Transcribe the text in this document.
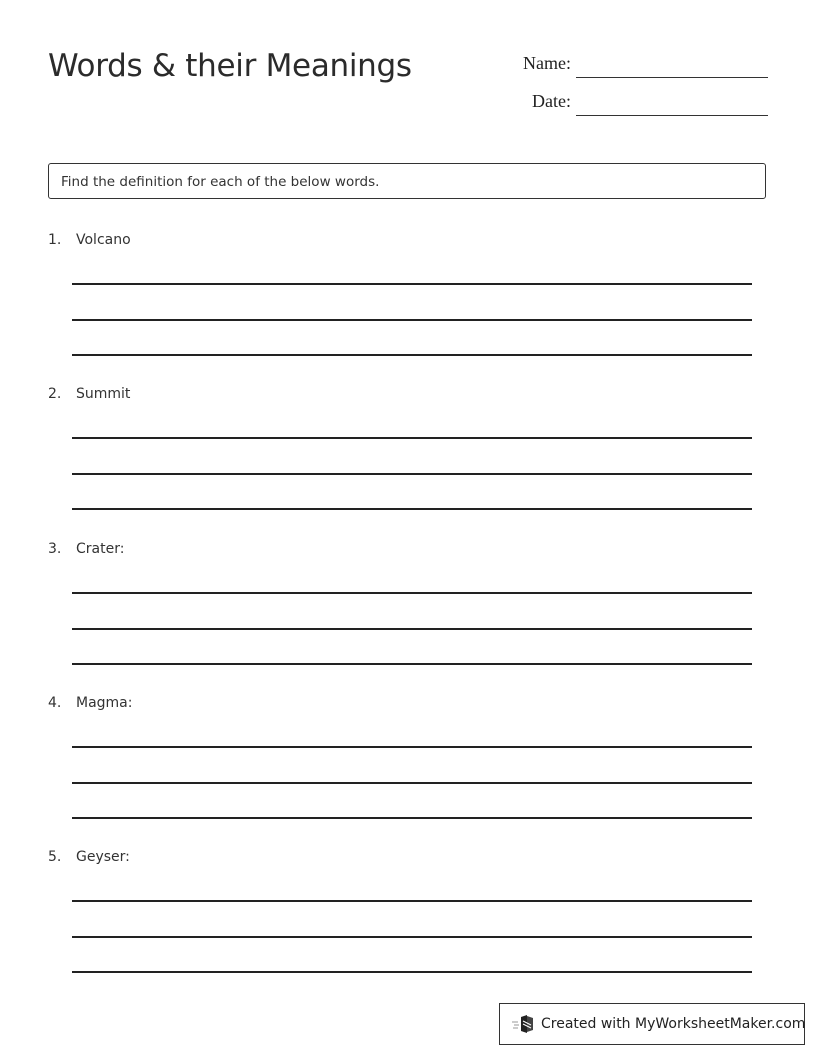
Words & their Meanings	Name:
Date:
Find the definition for each of the below words.
1. Volcano
2. Summit
3. Crater:
4. Magma:
5. Geyser:
Created with MyWorksheetMaker.com
